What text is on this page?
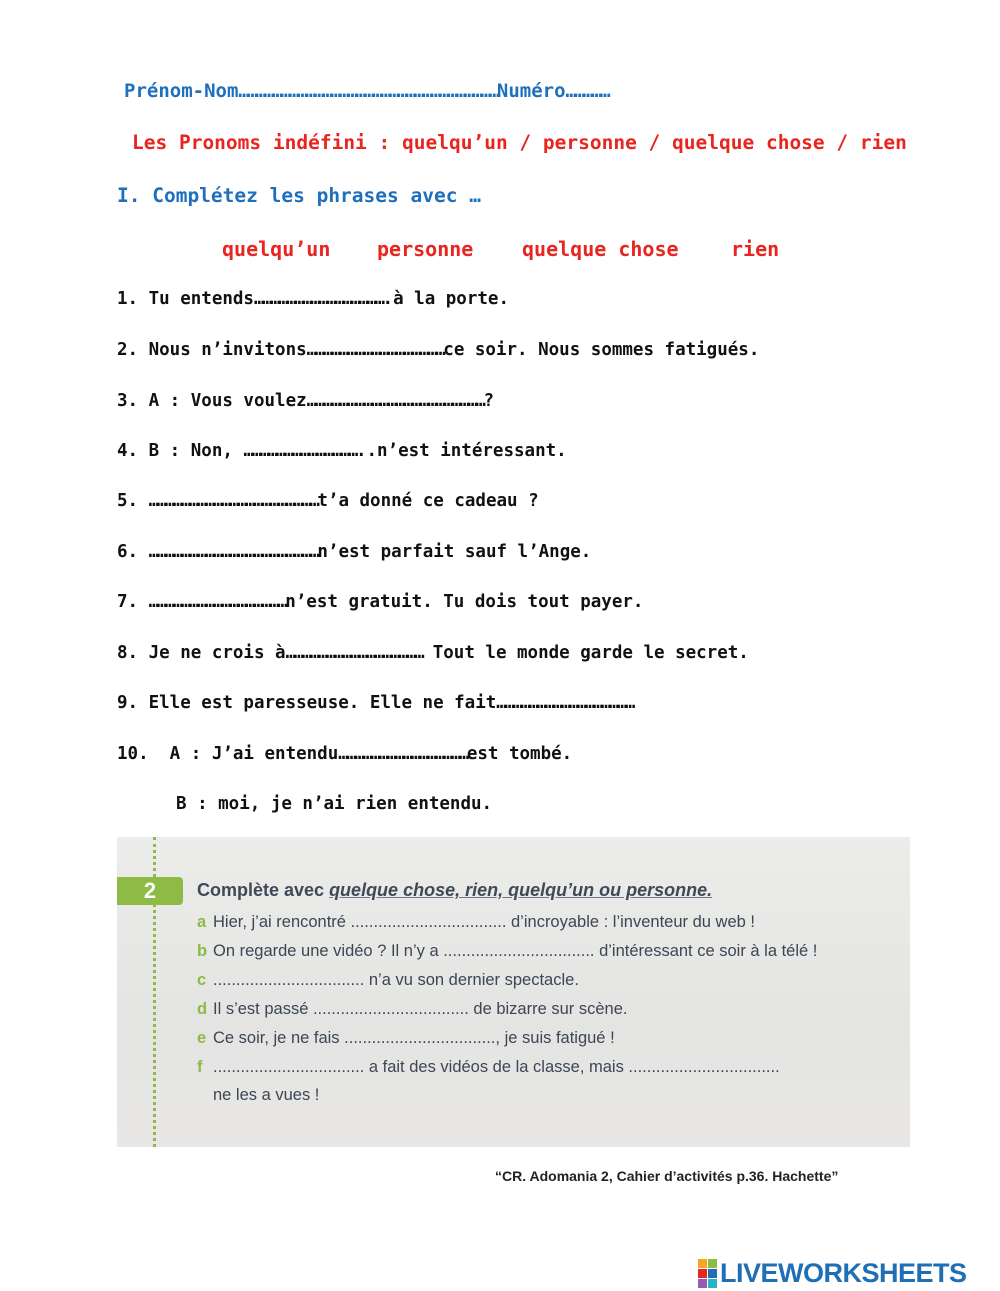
Prénom-Nom…………………………………………………………………………………Numéro……………
Les Pronoms indéfini : quelqu’un / personne / quelque chose / rien
I. Complétez les phrases avec …
quelqu’un personne quelque chose	rien
1. Tu entends………………………………………….à la porte.
2. Nous n’invitons……………………………………………ce soir. Nous sommes fatigués.
3. A : Vous voulez…………………………………………………………?
4. B : Non, ……………………………………..n’est intéressant.
5. ………………………………………………………t’a donné ce cadeau ?
6. ………………………………………………………n’est parfait sauf l’Ange.
7. ……………………………………………n’est gratuit. Tu dois tout payer.
8. Je ne crois à…………………………………………… Tout le monde garde le secret.
9. Elle est paresseuse. Elle ne fait……………………………………………
10.  A : J’ai entendu…………………………………………est tombé.
B : moi, je n’ai rien entendu.
2	Complète avec quelque chose, rien, quelqu’un ou personne.
a Hier, j’ai rencontré .................................. d’incroyable : l’inventeur du web !
b On regarde une vidéo ? Il n’y a ................................. d’intéressant ce soir à la télé !
c ................................. n’a vu son dernier spectacle.
d Il s’est passé .................................. de bizarre sur scène.
e Ce soir, je ne fais ................................., je suis fatigué !
f ................................. a fait des vidéos de la classe, mais .................................
ne les a vues !
“CR. Adomania 2, Cahier d’activités p.36. Hachette”
LIVEWORKSHEETS
